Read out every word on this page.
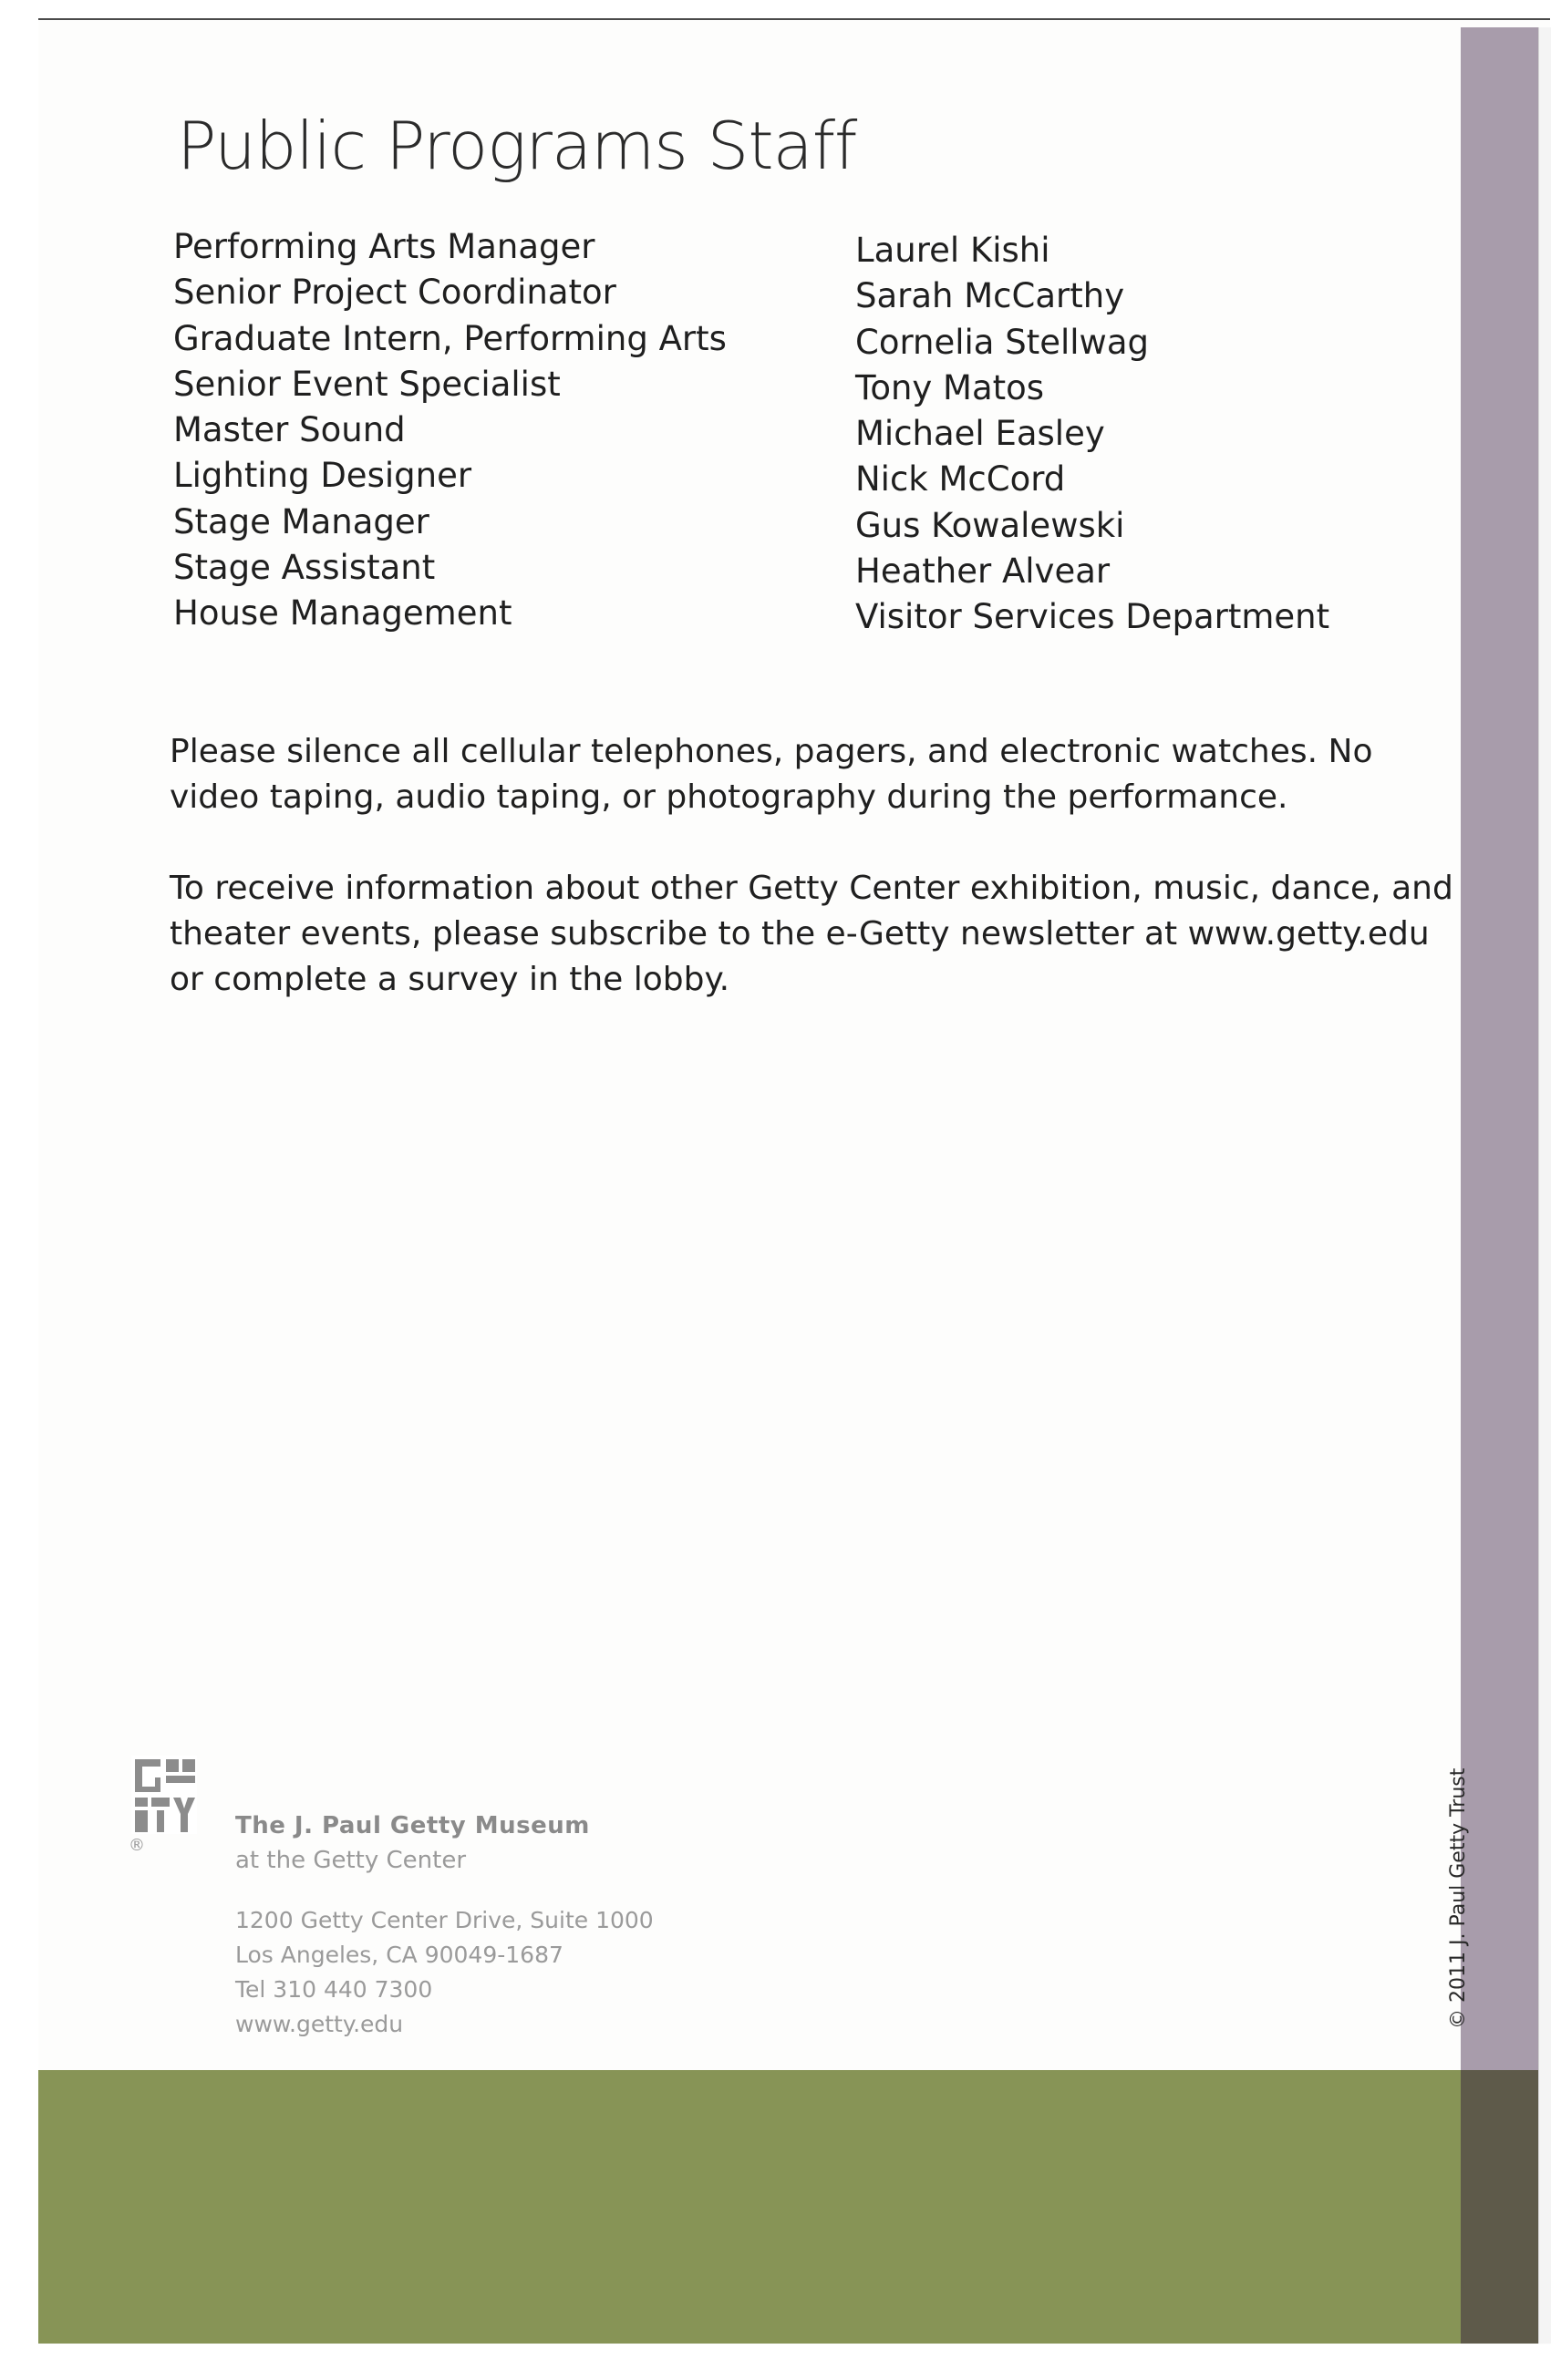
Public Programs Staff
Performing Arts Manager
Senior Project Coordinator
Graduate Intern, Performing Arts
Senior Event Specialist
Master Sound
Lighting Designer
Stage Manager
Stage Assistant
House Management
Laurel Kishi
Sarah McCarthy
Cornelia Stellwag
Tony Matos
Michael Easley
Nick McCord
Gus Kowalewski
Heather Alvear
Visitor Services Department

Please silence all cellular telephones, pagers, and electronic watches. No video taping, audio taping, or photography during the performance.

To receive information about other Getty Center exhibition, music, dance, and theater events, please subscribe to the e-Getty newsletter at www.getty.edu or complete a survey in the lobby.

®
The J. Paul Getty Museum
at the Getty Center
1200 Getty Center Drive, Suite 1000
Los Angeles, CA 90049-1687
Tel 310 440 7300
www.getty.edu	© 2011 J. Paul Getty Trust
